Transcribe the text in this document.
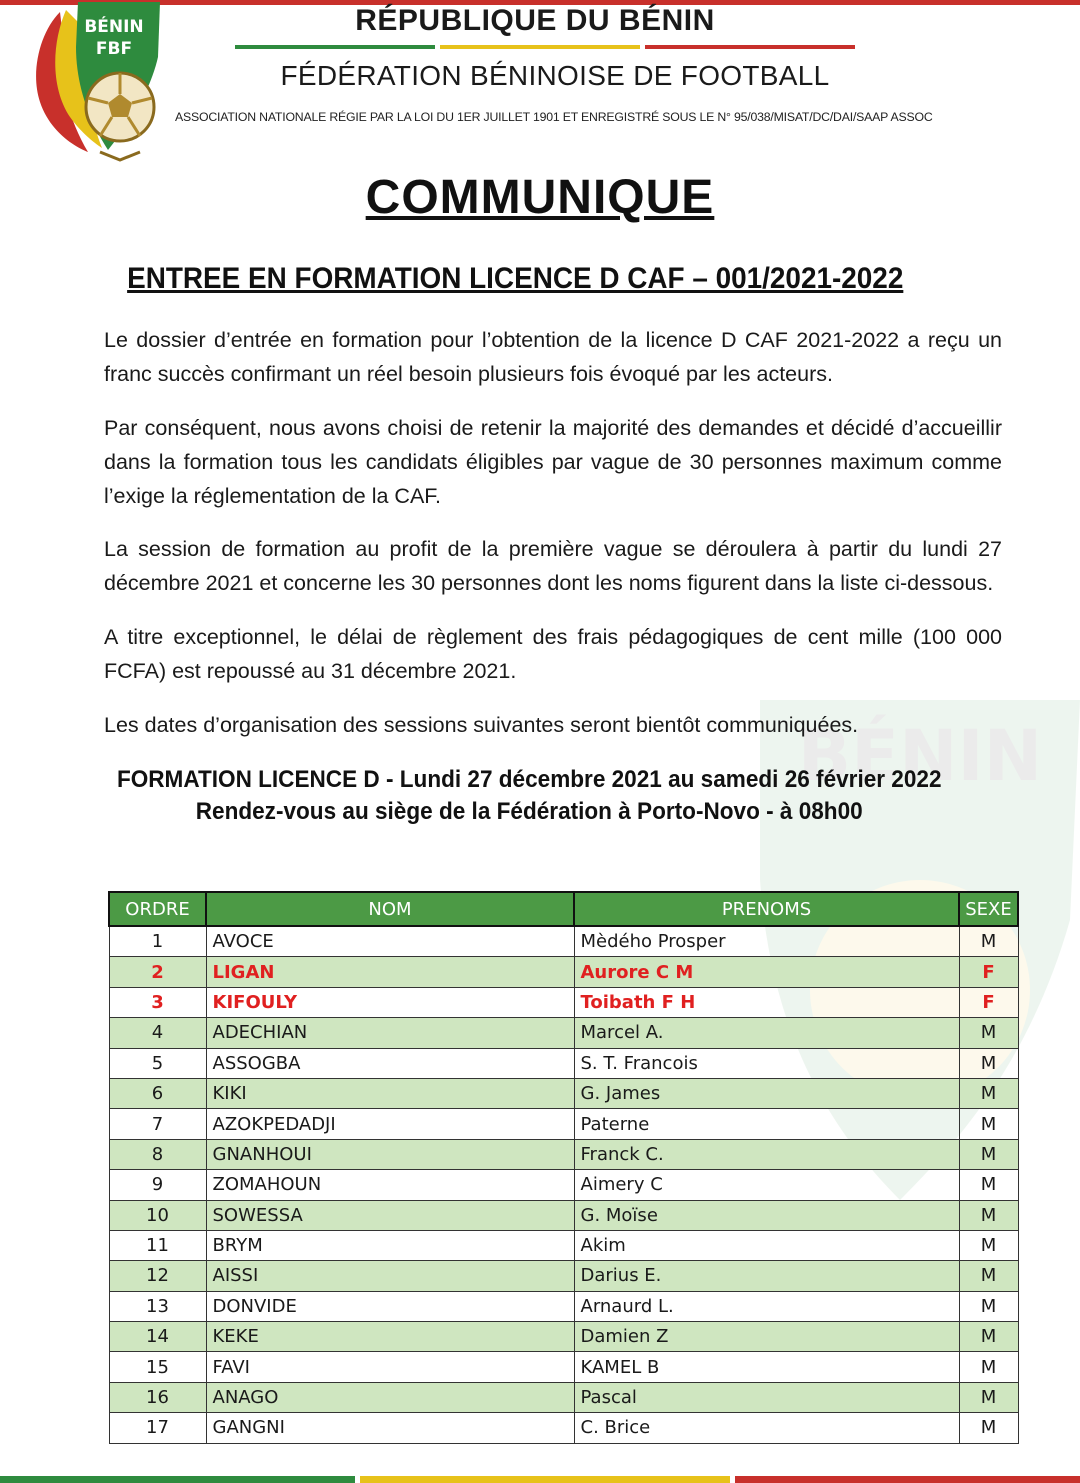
BÉNIN
FBF
RÉPUBLIQUE DU BÉNIN
FÉDÉRATION BÉNINOISE DE FOOTBALL
ASSOCIATION NATIONALE RÉGIE PAR LA LOI DU 1ER JUILLET 1901 ET ENREGISTRÉ SOUS LE N° 95/038/MISAT/DC/DAI/SAAP ASSOC
BÉNIN
COMMUNIQUE
ENTREE EN FORMATION LICENCE D CAF – 001/2021-2022
Le dossier d’entrée en formation pour l’obtention de la licence D CAF 2021-2022 a reçu un franc succès confirmant un réel besoin plusieurs fois évoqué par les acteurs.
Par conséquent, nous avons choisi de retenir la majorité des demandes et décidé d’accueillir dans la formation tous les candidats éligibles par vague de 30 personnes maximum comme l’exige la réglementation de la CAF.
La session de formation au profit de la première vague se déroulera à partir du lundi 27 décembre 2021 et concerne les 30 personnes dont les noms figurent dans la liste ci-dessous.
A titre exceptionnel, le délai de règlement des frais pédagogiques de cent mille (100 000 FCFA) est repoussé au 31 décembre 2021.
Les dates d’organisation des sessions suivantes seront bientôt communiquées.
FORMATION LICENCE D - Lundi 27 décembre 2021 au samedi 26 février 2022
Rendez-vous au siège de la Fédération à Porto-Novo - à 08h00
ORDRE	NOM	PRENOMS	SEXE
1	AVOCE	Mèdého Prosper	M
2	LIGAN	Aurore C M	F
3	KIFOULY	Toibath F H	F
4	ADECHIAN	Marcel A.	M
5	ASSOGBA	S. T. Francois	M
6	KIKI	G. James	M
7	AZOKPEDADJI	Paterne	M
8	GNANHOUI	Franck C.	M
9	ZOMAHOUN	Aimery C	M
10	SOWESSA	G. Moïse	M
11	BRYM	Akim	M
12	AISSI	Darius E.	M
13	DONVIDE	Arnaurd L.	M
14	KEKE	Damien Z	M
15	FAVI	KAMEL B	M
16	ANAGO	Pascal	M
17	GANGNI	C. Brice	M
